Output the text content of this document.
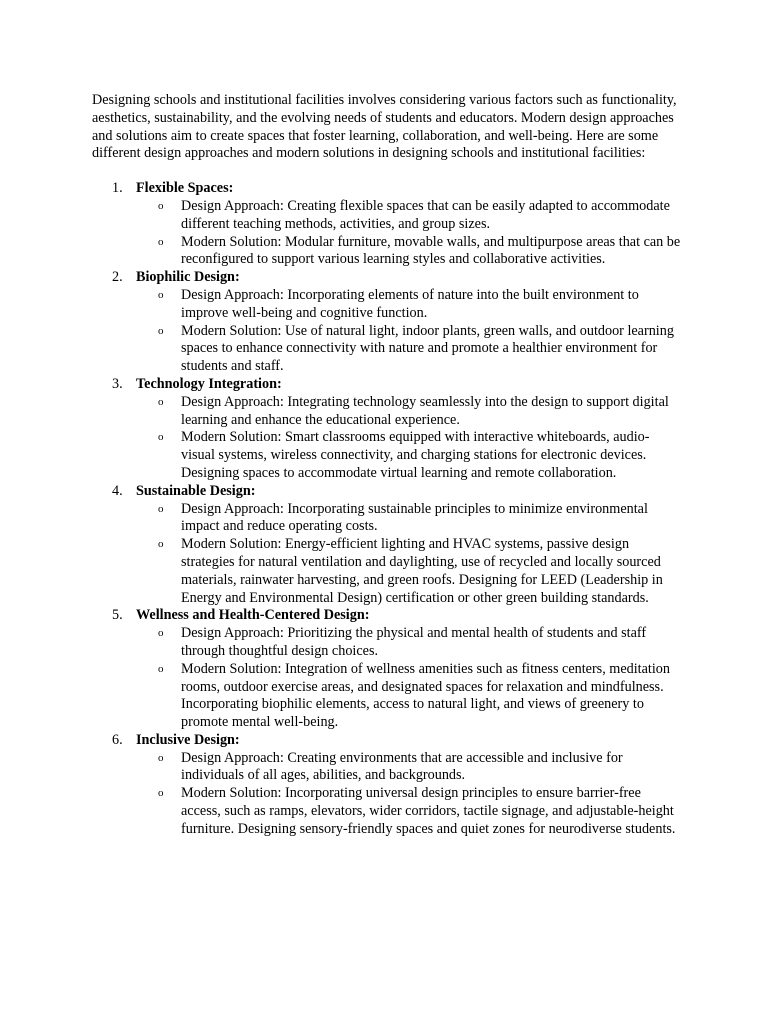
Designing schools and institutional facilities involves considering various factors such as functionality, aesthetics, sustainability, and the evolving needs of students and educators. Modern design approaches and solutions aim to create spaces that foster learning, collaboration, and well-being. Here are some different design approaches and modern solutions in designing schools and institutional facilities:

1. Flexible Spaces:
o Design Approach: Creating flexible spaces that can be easily adapted to accommodate different teaching methods, activities, and group sizes.
o Modern Solution: Modular furniture, movable walls, and multipurpose areas that can be reconfigured to support various learning styles and collaborative activities.
2. Biophilic Design:
o Design Approach: Incorporating elements of nature into the built environment to improve well-being and cognitive function.
o Modern Solution: Use of natural light, indoor plants, green walls, and outdoor learning spaces to enhance connectivity with nature and promote a healthier environment for students and staff.
3. Technology Integration:
o Design Approach: Integrating technology seamlessly into the design to support digital learning and enhance the educational experience.
o Modern Solution: Smart classrooms equipped with interactive whiteboards, audio-visual systems, wireless connectivity, and charging stations for electronic devices. Designing spaces to accommodate virtual learning and remote collaboration.
4. Sustainable Design:
o Design Approach: Incorporating sustainable principles to minimize environmental impact and reduce operating costs.
o Modern Solution: Energy-efficient lighting and HVAC systems, passive design strategies for natural ventilation and daylighting, use of recycled and locally sourced materials, rainwater harvesting, and green roofs. Designing for LEED (Leadership in Energy and Environmental Design) certification or other green building standards.
5. Wellness and Health-Centered Design:
o Design Approach: Prioritizing the physical and mental health of students and staff through thoughtful design choices.
o Modern Solution: Integration of wellness amenities such as fitness centers, meditation rooms, outdoor exercise areas, and designated spaces for relaxation and mindfulness. Incorporating biophilic elements, access to natural light, and views of greenery to promote mental well-being.
6. Inclusive Design:
o Design Approach: Creating environments that are accessible and inclusive for individuals of all ages, abilities, and backgrounds.
o Modern Solution: Incorporating universal design principles to ensure barrier-free access, such as ramps, elevators, wider corridors, tactile signage, and adjustable-height furniture. Designing sensory-friendly spaces and quiet zones for neurodiverse students.
